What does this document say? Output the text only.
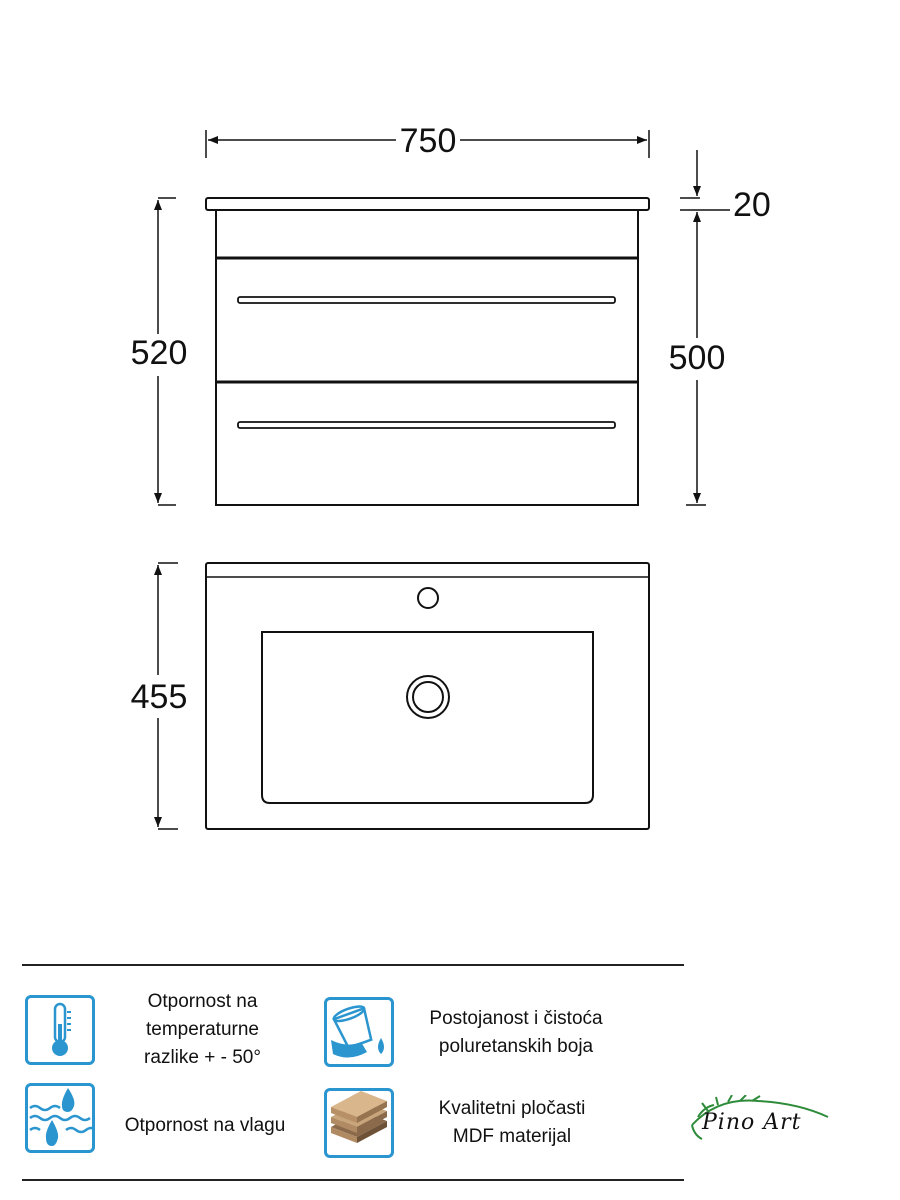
750
520
20
500
455
Otpornost na
temperaturne
razlike + - 50°
Postojanost i čistoća
poluretanskih boja
Otpornost na vlagu
Kvalitetni pločasti
MDF materijal
Pino Art
